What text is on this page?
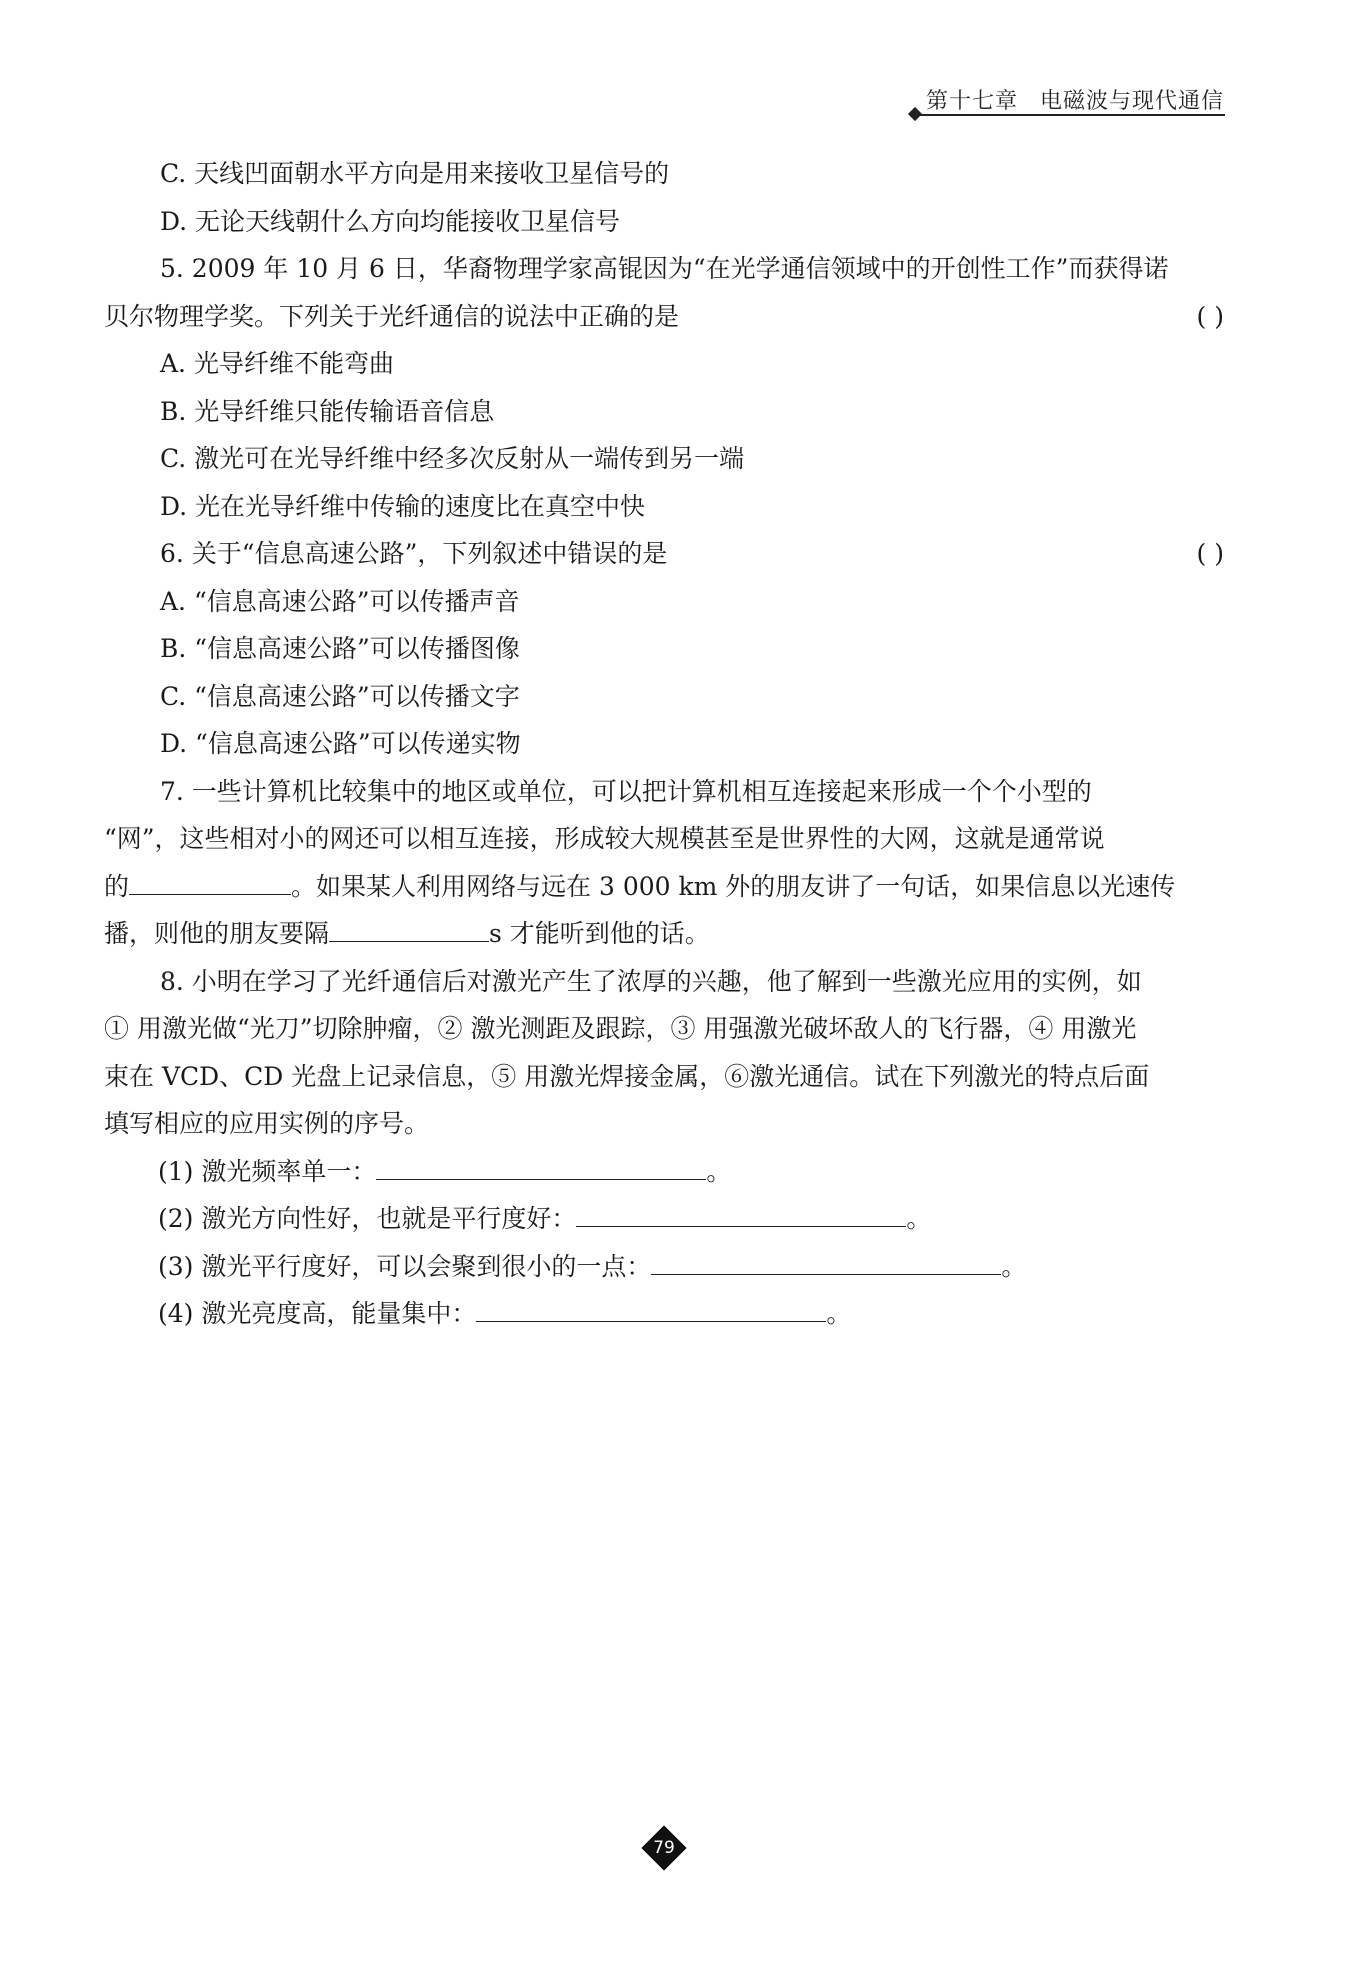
第十七章 电磁波与现代通信
C. 天线凹面朝水平方向是用来接收卫星信号的
D. 无论天线朝什么方向均能接收卫星信号
5. 2009 年 10 月 6 日，华裔物理学家高锟因为“在光学通信领域中的开创性工作”而获得诺
贝尔物理学奖。下列关于光纤通信的说法中正确的是	( )
A. 光导纤维不能弯曲
B. 光导纤维只能传输语音信息
C. 激光可在光导纤维中经多次反射从一端传到另一端
D. 光在光导纤维中传输的速度比在真空中快
6. 关于“信息高速公路”，下列叙述中错误的是	( )
A. “信息高速公路”可以传播声音
B. “信息高速公路”可以传播图像
C. “信息高速公路”可以传播文字
D. “信息高速公路”可以传递实物
7. 一些计算机比较集中的地区或单位，可以把计算机相互连接起来形成一个个小型的
“网”，这些相对小的网还可以相互连接，形成较大规模甚至是世界性的大网，这就是通常说
的	。如果某人利用网络与远在 3 000 km 外的朋友讲了一句话，如果信息以光速传
播，则他的朋友要隔	s 才能听到他的话。
8. 小明在学习了光纤通信后对激光产生了浓厚的兴趣，他了解到一些激光应用的实例，如
① 用激光做“光刀”切除肿瘤，② 激光测距及跟踪，③ 用强激光破坏敌人的飞行器，④ 用激光
束在 VCD、CD 光盘上记录信息，⑤ 用激光焊接金属，⑥激光通信。试在下列激光的特点后面
填写相应的应用实例的序号。
(1) 激光频率单一：	。
(2) 激光方向性好，也就是平行度好：	。
(3) 激光平行度好，可以会聚到很小的一点：	。
(4) 激光亮度高，能量集中：	。
79
